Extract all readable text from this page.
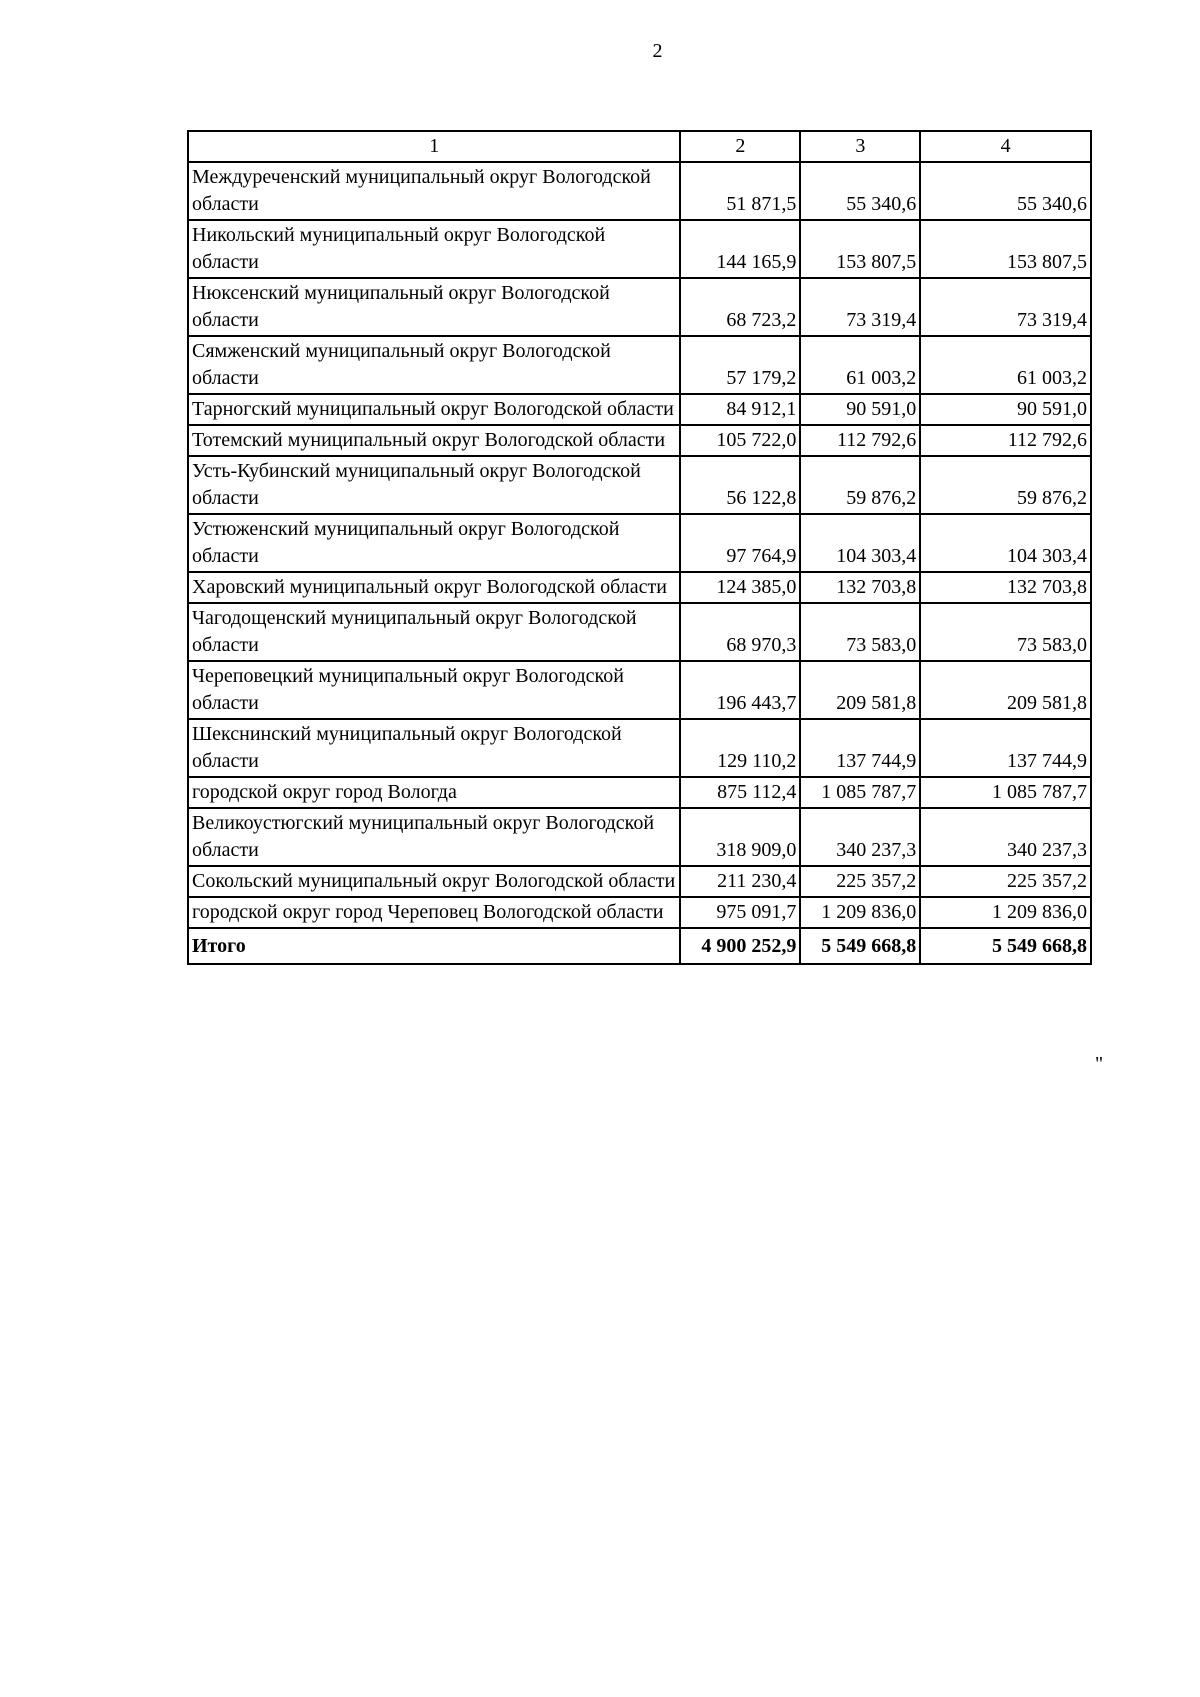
2
1	2	3	4
Междуреченский муниципальный округ Вологодской области	51 871,5	55 340,6	55 340,6
Никольский муниципальный округ Вологодской области	144 165,9	153 807,5	153 807,5
Нюксенский муниципальный округ Вологодской области	68 723,2	73 319,4	73 319,4
Сямженский муниципальный округ Вологодской области	57 179,2	61 003,2	61 003,2
Тарногский муниципальный округ Вологодской области	84 912,1	90 591,0	90 591,0
Тотемский муниципальный округ Вологодской области	105 722,0	112 792,6	112 792,6
Усть-Кубинский муниципальный округ Вологодской области	56 122,8	59 876,2	59 876,2
Устюженский муниципальный округ Вологодской области	97 764,9	104 303,4	104 303,4
Харовский муниципальный округ Вологодской области	124 385,0	132 703,8	132 703,8
Чагодощенский муниципальный округ Вологодской области	68 970,3	73 583,0	73 583,0
Череповецкий муниципальный округ Вологодской области	196 443,7	209 581,8	209 581,8
Шекснинский муниципальный округ Вологодской области	129 110,2	137 744,9	137 744,9
городской округ город Вологда	875 112,4	1 085 787,7	1 085 787,7
Великоустюгский муниципальный округ Вологодской области	318 909,0	340 237,3	340 237,3
Сокольский муниципальный округ Вологодской области	211 230,4	225 357,2	225 357,2
городской округ город Череповец Вологодской области	975 091,7	1 209 836,0	1 209 836,0
Итого	4 900 252,9	5 549 668,8	5 549 668,8
"
